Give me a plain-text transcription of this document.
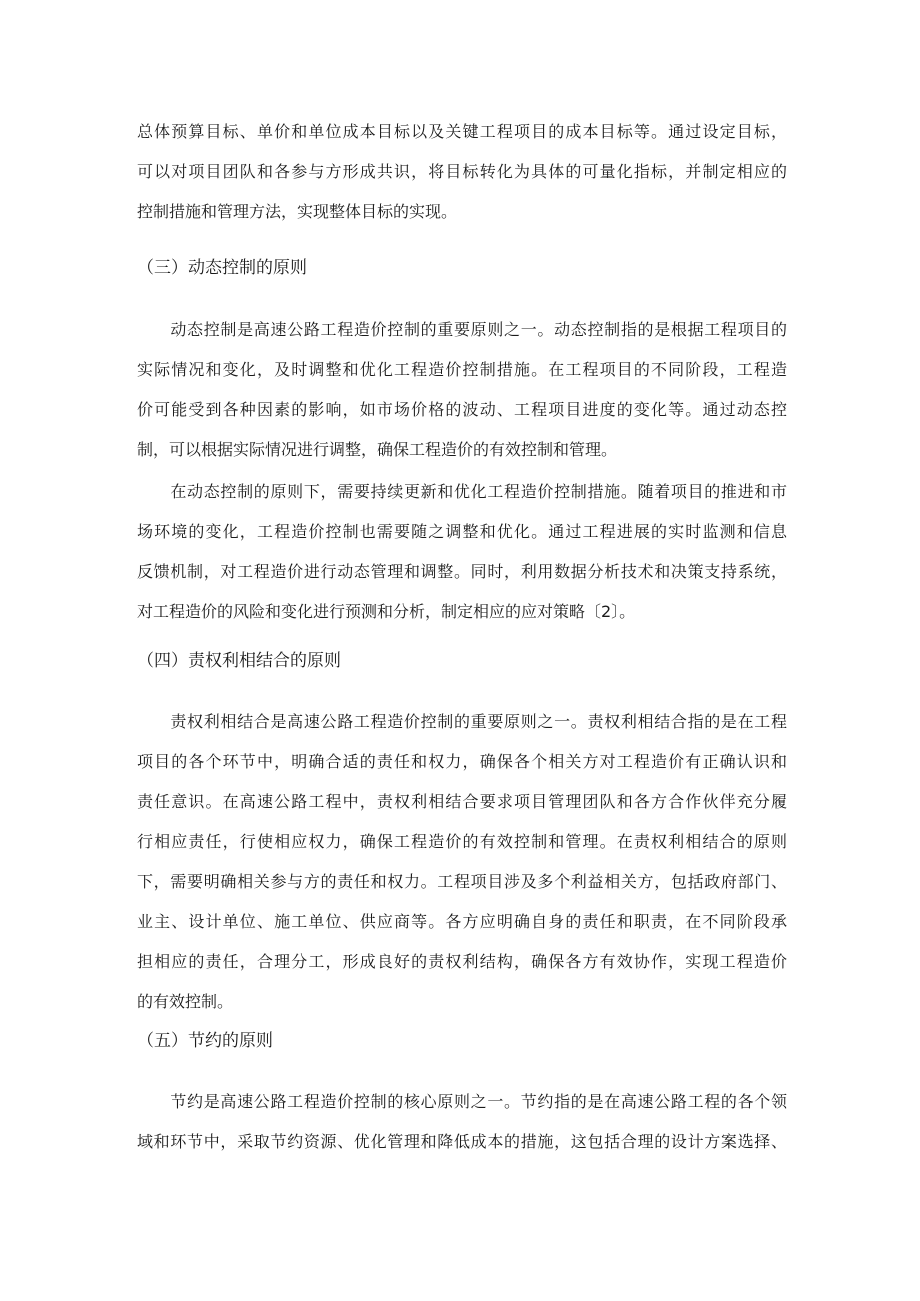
总体预算目标、单价和单位成本目标以及关键工程项目的成本目标等。通过设定目标，
可以对项目团队和各参与方形成共识，将目标转化为具体的可量化指标，并制定相应的
控制措施和管理方法，实现整体目标的实现。

（三）动态控制的原则

　　动态控制是高速公路工程造价控制的重要原则之一。动态控制指的是根据工程项目的
实际情况和变化，及时调整和优化工程造价控制措施。在工程项目的不同阶段，工程造
价可能受到各种因素的影响，如市场价格的波动、工程项目进度的变化等。通过动态控
制，可以根据实际情况进行调整，确保工程造价的有效控制和管理。

　　在动态控制的原则下，需要持续更新和优化工程造价控制措施。随着项目的推进和市
场环境的变化，工程造价控制也需要随之调整和优化。通过工程进展的实时监测和信息
反馈机制，对工程造价进行动态管理和调整。同时，利用数据分析技术和决策支持系统，
对工程造价的风险和变化进行预测和分析，制定相应的应对策略〔2〕。

（四）责权利相结合的原则

　　责权利相结合是高速公路工程造价控制的重要原则之一。责权利相结合指的是在工程
项目的各个环节中，明确合适的责任和权力，确保各个相关方对工程造价有正确认识和
责任意识。在高速公路工程中，责权利相结合要求项目管理团队和各方合作伙伴充分履
行相应责任，行使相应权力，确保工程造价的有效控制和管理。在责权利相结合的原则
下，需要明确相关参与方的责任和权力。工程项目涉及多个利益相关方，包括政府部门、
业主、设计单位、施工单位、供应商等。各方应明确自身的责任和职责，在不同阶段承
担相应的责任，合理分工，形成良好的责权利结构，确保各方有效协作，实现工程造价
的有效控制。

（五）节约的原则

　　节约是高速公路工程造价控制的核心原则之一。节约指的是在高速公路工程的各个领
域和环节中，采取节约资源、优化管理和降低成本的措施，这包括合理的设计方案选择、
